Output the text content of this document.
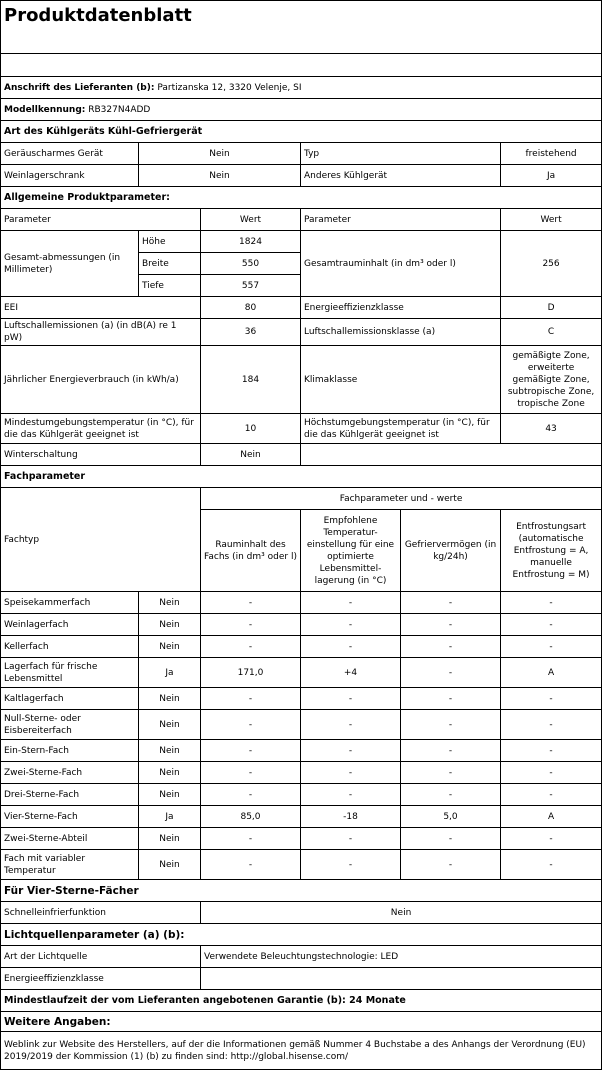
Produktdatenblatt					

Anschrift des Lieferanten (b): Partizanska 12, 3320 Velenje, SI					
Modellkennung: RB327N4ADD					
Art des Kühlgeräts Kühl-Gefriergerät					
Geräuscharmes Gerät	Nein		Typ		freistehend
Weinlagerschrank	Nein		Anderes Kühlgerät		Ja
Allgemeine Produktparameter:					
Parameter		Wert	Parameter		Wert
Gesamt-abmessungen (in Millimeter)	Höhe	1824	Gesamtrauminhalt (in dm³ oder l)		256
	Breite	550			
	Tiefe	557			
EEI		80	Energieeffizienzklasse		D
Luftschallemissionen (a) (in dB(A) re 1 pW)		36	Luftschallemissionsklasse (a)		C
Jährlicher Energieverbrauch (in kWh/a)		184	Klimaklasse		gemäßigte Zone, erweiterte gemäßigte Zone, subtropische Zone, tropische Zone
Mindestumgebungstemperatur (in °C), für die das Kühlgerät geeignet ist		10	Höchstumgebungstemperatur (in °C), für die das Kühlgerät geeignet ist		43
Winterschaltung		Nein			
Fachparameter					
Fachtyp		Fachparameter und - werte			
		Rauminhalt des Fachs (in dm³ oder l)	Empfohlene Temperatur-einstellung für eine optimierte Lebensmittel-lagerung (in °C)	Gefriervermögen (in kg/24h)	Entfrostungsart (automatische Entfrostung = A, manuelle Entfrostung = M)
Speisekammerfach	Nein	-	-	-	-
Weinlagerfach	Nein	-	-	-	-
Kellerfach	Nein	-	-	-	-
Lagerfach für frische Lebensmittel	Ja	171,0	+4	-	A
Kaltlagerfach	Nein	-	-	-	-
Null-Sterne- oder Eisbereiterfach	Nein	-	-	-	-
Ein-Stern-Fach	Nein	-	-	-	-
Zwei-Sterne-Fach	Nein	-	-	-	-
Drei-Sterne-Fach	Nein	-	-	-	-
Vier-Sterne-Fach	Ja	85,0	-18	5,0	A
Zwei-Sterne-Abteil	Nein	-	-	-	-
Fach mit variabler Temperatur	Nein	-	-	-	-
Für Vier-Sterne-Fächer					
Schnelleinfrierfunktion		Nein			
Lichtquellenparameter (a) (b):					
Art der Lichtquelle		Verwendete Beleuchtungstechnologie: LED			
Energieeffizienzklasse					
Mindestlaufzeit der vom Lieferanten angebotenen Garantie (b): 24 Monate					
Weitere Angaben:					
Weblink zur Website des Herstellers, auf der die Informationen gemäß Nummer 4 Buchstabe a des Anhangs der Verordnung (EU) 2019/2019 der Kommission (1) (b) zu finden sind: http://global.hisense.com/					
